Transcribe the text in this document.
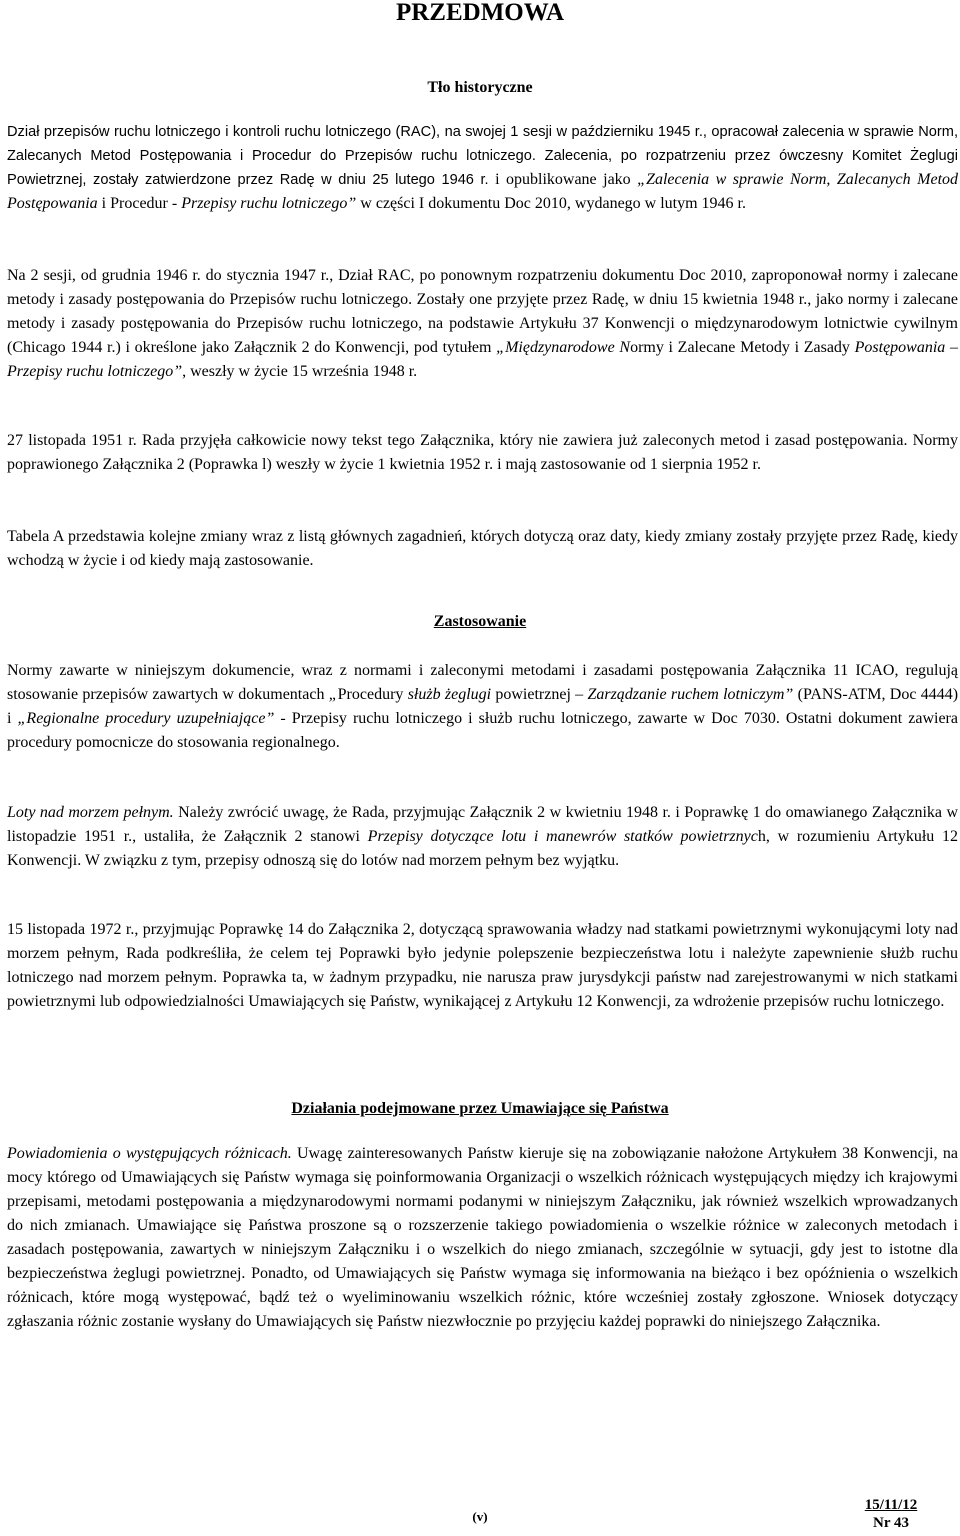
PRZEDMOWA
Tło historyczne

Dział przepisów ruchu lotniczego i kontroli ruchu lotniczego (RAC), na swojej 1 sesji w październiku 1945 r., opracował zalecenia w sprawie Norm, Zalecanych Metod Postępowania i Procedur do Przepisów ruchu lotniczego. Zalecenia, po rozpatrzeniu przez ówczesny Komitet Żeglugi Powietrznej, zostały zatwierdzone przez Radę w dniu 25 lutego 1946 r. i opublikowane jako „Zalecenia w sprawie Norm, Zalecanych Metod Postępowania i Procedur - Przepisy ruchu lotniczego” w części I dokumentu Doc 2010, wydanego w lutym 1946 r.

Na 2 sesji, od grudnia 1946 r. do stycznia 1947 r., Dział RAC, po ponownym rozpatrzeniu dokumentu Doc 2010, zaproponował normy i zalecane metody i zasady postępowania do Przepisów ruchu lotniczego. Zostały one przyjęte przez Radę, w dniu 15 kwietnia 1948 r., jako normy i zalecane metody i zasady postępowania do Przepisów ruchu lotniczego, na podstawie Artykułu 37 Konwencji o międzynarodowym lotnictwie cywilnym (Chicago 1944 r.) i określone jako Załącznik 2 do Konwencji, pod tytułem „Międzynarodowe Normy i Zalecane Metody i Zasady Postępowania – Przepisy ruchu lotniczego”, weszły w życie 15 września 1948 r.

27 listopada 1951 r. Rada przyjęła całkowicie nowy tekst tego Załącznika, który nie zawiera już zaleconych metod i zasad postępowania. Normy poprawionego Załącznika 2 (Poprawka l) weszły w życie 1 kwietnia 1952 r. i mają zastosowanie od 1 sierpnia 1952 r.

Tabela A przedstawia kolejne zmiany wraz z listą głównych zagadnień, których dotyczą oraz daty, kiedy zmiany zostały przyjęte przez Radę, kiedy wchodzą w życie i od kiedy mają zastosowanie.

Zastosowanie

Normy zawarte w niniejszym dokumencie, wraz z normami i zaleconymi metodami i zasadami postępowania Załącznika 11 ICAO, regulują stosowanie przepisów zawartych w dokumentach „Procedury służb żeglugi powietrznej – Zarządzanie ruchem lotniczym” (PANS-ATM, Doc 4444) i „Regionalne procedury uzupełniające” - Przepisy ruchu lotniczego i służb ruchu lotniczego, zawarte w Doc 7030. Ostatni dokument zawiera procedury pomocnicze do stosowania regionalnego.

Loty nad morzem pełnym. Należy zwrócić uwagę, że Rada, przyjmując Załącznik 2 w kwietniu 1948 r. i Poprawkę 1 do omawianego Załącznika w listopadzie 1951 r., ustaliła, że Załącznik 2 stanowi Przepisy dotyczące lotu i manewrów statków powietrznych, w rozumieniu Artykułu 12 Konwencji. W związku z tym, przepisy odnoszą się do lotów nad morzem pełnym bez wyjątku.

15 listopada 1972 r., przyjmując Poprawkę 14 do Załącznika 2, dotyczącą sprawowania władzy nad statkami powietrznymi wykonującymi loty nad morzem pełnym, Rada podkreśliła, że celem tej Poprawki było jedynie polepszenie bezpieczeństwa lotu i należyte zapewnienie służb ruchu lotniczego nad morzem pełnym. Poprawka ta, w żadnym przypadku, nie narusza praw jurysdykcji państw nad zarejestrowanymi w nich statkami powietrznymi lub odpowiedzialności Umawiających się Państw, wynikającej z Artykułu 12 Konwencji, za wdrożenie przepisów ruchu lotniczego.

Działania podejmowane przez Umawiające się Państwa

Powiadomienia o występujących różnicach. Uwagę zainteresowanych Państw kieruje się na zobowiązanie nałożone Artykułem 38 Konwencji, na mocy którego od Umawiających się Państw wymaga się poinformowania Organizacji o wszelkich różnicach występujących między ich krajowymi przepisami, metodami postępowania a międzynarodowymi normami podanymi w niniejszym Załączniku, jak również wszelkich wprowadzanych do nich zmianach. Umawiające się Państwa proszone są o rozszerzenie takiego powiadomienia o wszelkie różnice w zaleconych metodach i zasadach postępowania, zawartych w niniejszym Załączniku i o wszelkich do niego zmianach, szczególnie w sytuacji, gdy jest to istotne dla bezpieczeństwa żeglugi powietrznej. Ponadto, od Umawiających się Państw wymaga się informowania na bieżąco i bez opóźnienia o wszelkich różnicach, które mogą występować, bądź też o wyeliminowaniu wszelkich różnic, które wcześniej zostały zgłoszone. Wniosek dotyczący zgłaszania różnic zostanie wysłany do Umawiających się Państw niezwłocznie po przyjęciu każdej poprawki do niniejszego Załącznika.

(v)
15/11/12
Nr 43
